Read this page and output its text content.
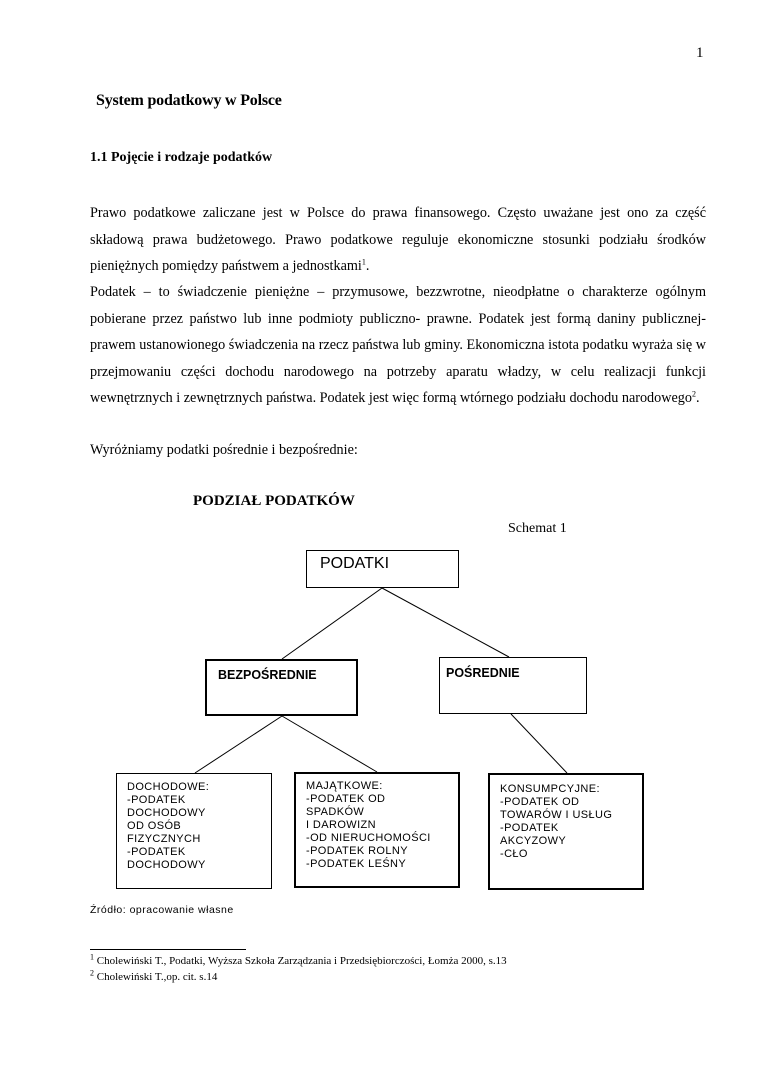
1
System podatkowy w Polsce
1.1 Pojęcie i rodzaje podatków
Prawo podatkowe zaliczane jest w Polsce do prawa finansowego. Często uważane jest ono za część składową prawa budżetowego. Prawo podatkowe reguluje ekonomiczne stosunki podziału środków pieniężnych pomiędzy państwem a jednostkami$^1$.
Podatek – to świadczenie pieniężne – przymusowe, bezzwrotne, nieodpłatne o charakterze ogólnym pobierane przez państwo lub inne podmioty publiczno- prawne. Podatek jest formą daniny publicznej- prawem ustanowionego świadczenia na rzecz państwa lub gminy. Ekonomiczna istota podatku wyraża się w przejmowaniu części dochodu narodowego na potrzeby aparatu władzy, w celu realizacji funkcji wewnętrznych i zewnętrznych państwa. Podatek jest więc formą wtórnego podziału dochodu narodowego$^2$.
Wyróżniamy podatki pośrednie i bezpośrednie:
PODZIAŁ PODATKÓW
Schemat 1
PODATKI
BEZPOŚREDNIE	POŚREDNIE
DOCHODOWE:
-PODATEK
DOCHODOWY
OD OSÓB
FIZYCZNYCH
-PODATEK
DOCHODOWY
MAJĄTKOWE:
-PODATEK OD
SPADKÓW
I DAROWIZN
-OD NIERUCHOMOŚCI
-PODATEK ROLNY
-PODATEK LEŚNY
KONSUMPCYJNE:
-PODATEK OD
TOWARÓW I USŁUG
-PODATEK
AKCYZOWY
-CŁO
Źródło: opracowanie własne
$^1$ Cholewiński T., Podatki, Wyższa Szkoła Zarządzania i Przedsiębiorczości, Łomża 2000, s.13
$^2$ Cholewiński T.,op. cit. s.14
